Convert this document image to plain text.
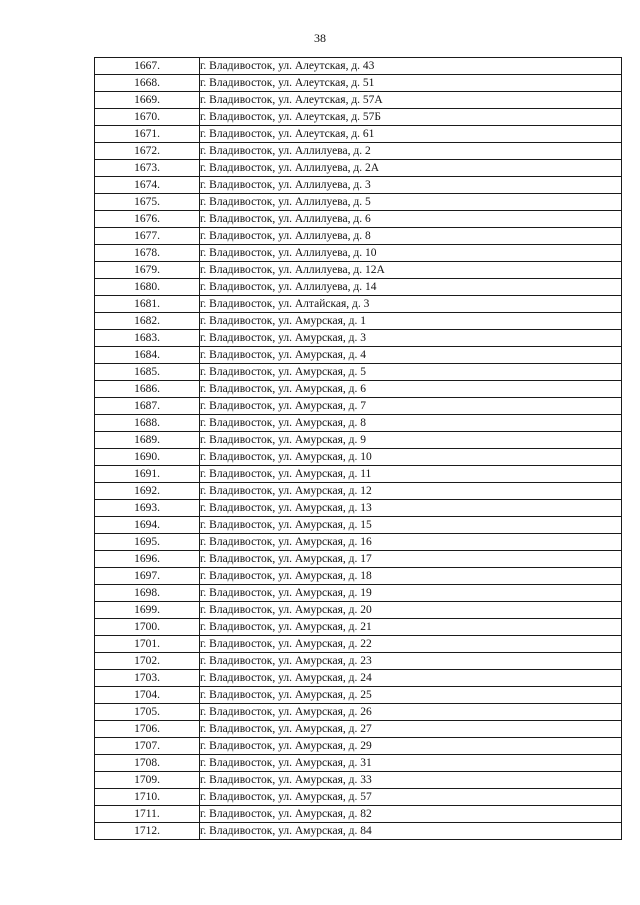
38
1667.	г. Владивосток, ул. Алеутская, д. 43
1668.	г. Владивосток, ул. Алеутская, д. 51
1669.	г. Владивосток, ул. Алеутская, д. 57А
1670.	г. Владивосток, ул. Алеутская, д. 57Б
1671.	г. Владивосток, ул. Алеутская, д. 61
1672.	г. Владивосток, ул. Аллилуева, д. 2
1673.	г. Владивосток, ул. Аллилуева, д. 2А
1674.	г. Владивосток, ул. Аллилуева, д. 3
1675.	г. Владивосток, ул. Аллилуева, д. 5
1676.	г. Владивосток, ул. Аллилуева, д. 6
1677.	г. Владивосток, ул. Аллилуева, д. 8
1678.	г. Владивосток, ул. Аллилуева, д. 10
1679.	г. Владивосток, ул. Аллилуева, д. 12А
1680.	г. Владивосток, ул. Аллилуева, д. 14
1681.	г. Владивосток, ул. Алтайская, д. 3
1682.	г. Владивосток, ул. Амурская, д. 1
1683.	г. Владивосток, ул. Амурская, д. 3
1684.	г. Владивосток, ул. Амурская, д. 4
1685.	г. Владивосток, ул. Амурская, д. 5
1686.	г. Владивосток, ул. Амурская, д. 6
1687.	г. Владивосток, ул. Амурская, д. 7
1688.	г. Владивосток, ул. Амурская, д. 8
1689.	г. Владивосток, ул. Амурская, д. 9
1690.	г. Владивосток, ул. Амурская, д. 10
1691.	г. Владивосток, ул. Амурская, д. 11
1692.	г. Владивосток, ул. Амурская, д. 12
1693.	г. Владивосток, ул. Амурская, д. 13
1694.	г. Владивосток, ул. Амурская, д. 15
1695.	г. Владивосток, ул. Амурская, д. 16
1696.	г. Владивосток, ул. Амурская, д. 17
1697.	г. Владивосток, ул. Амурская, д. 18
1698.	г. Владивосток, ул. Амурская, д. 19
1699.	г. Владивосток, ул. Амурская, д. 20
1700.	г. Владивосток, ул. Амурская, д. 21
1701.	г. Владивосток, ул. Амурская, д. 22
1702.	г. Владивосток, ул. Амурская, д. 23
1703.	г. Владивосток, ул. Амурская, д. 24
1704.	г. Владивосток, ул. Амурская, д. 25
1705.	г. Владивосток, ул. Амурская, д. 26
1706.	г. Владивосток, ул. Амурская, д. 27
1707.	г. Владивосток, ул. Амурская, д. 29
1708.	г. Владивосток, ул. Амурская, д. 31
1709.	г. Владивосток, ул. Амурская, д. 33
1710.	г. Владивосток, ул. Амурская, д. 57
1711.	г. Владивосток, ул. Амурская, д. 82
1712.	г. Владивосток, ул. Амурская, д. 84
